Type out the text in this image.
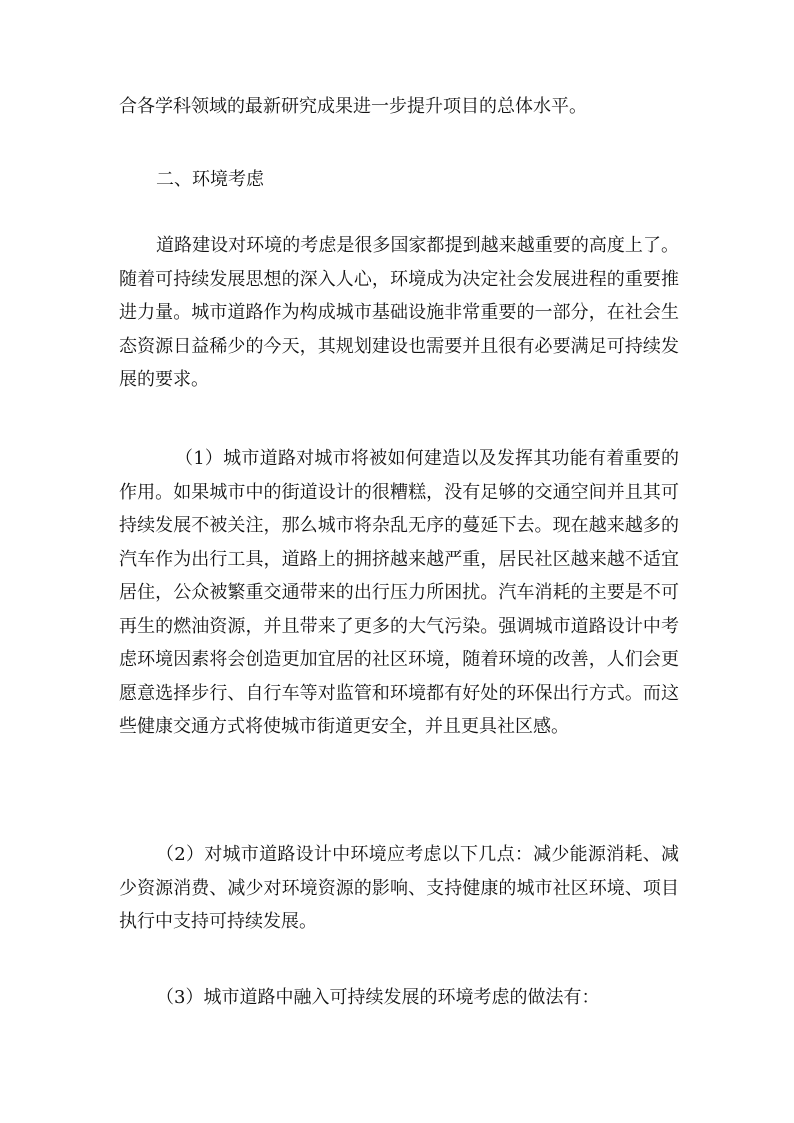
合各学科领域的最新研究成果进一步提升项目的总体水平。

二、环境考虑

道路建设对环境的考虑是很多国家都提到越来越重要的高度上了。随着可持续发展思想的深入人心，环境成为决定社会发展进程的重要推进力量。城市道路作为构成城市基础设施非常重要的一部分，在社会生态资源日益稀少的今天，其规划建设也需要并且很有必要满足可持续发展的要求。

（1）城市道路对城市将被如何建造以及发挥其功能有着重要的作用。如果城市中的街道设计的很糟糕，没有足够的交通空间并且其可持续发展不被关注，那么城市将杂乱无序的蔓延下去。现在越来越多的汽车作为出行工具，道路上的拥挤越来越严重，居民社区越来越不适宜居住，公众被繁重交通带来的出行压力所困扰。汽车消耗的主要是不可再生的燃油资源，并且带来了更多的大气污染。强调城市道路设计中考虑环境因素将会创造更加宜居的社区环境，随着环境的改善，人们会更愿意选择步行、自行车等对监管和环境都有好处的环保出行方式。而这些健康交通方式将使城市街道更安全，并且更具社区感。

（2）对城市道路设计中环境应考虑以下几点：减少能源消耗、减少资源消费、减少对环境资源的影响、支持健康的城市社区环境、项目执行中支持可持续发展。

（3）城市道路中融入可持续发展的环境考虑的做法有：
